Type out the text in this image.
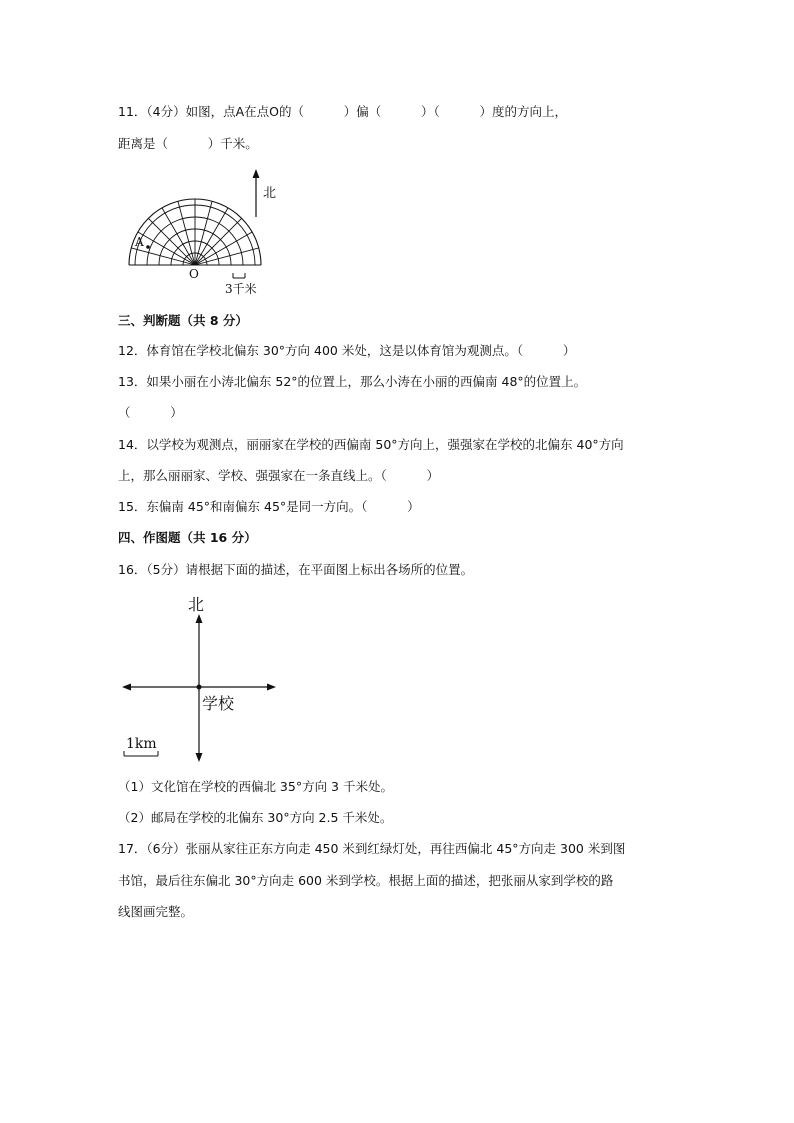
11．（4分）如图，点A在点O的（          ）偏（          ）（          ）度的方向上，
距离是（          ）千米。
北
A
O
3千米
三、判断题（共 8 分）
12．体育馆在学校北偏东 30°方向 400 米处，这是以体育馆为观测点。（          ）
13．如果小丽在小涛北偏东 52°的位置上，那么小涛在小丽的西偏南 48°的位置上。
（          ）
14．以学校为观测点，丽丽家在学校的西偏南 50°方向上，强强家在学校的北偏东 40°方向
上，那么丽丽家、学校、强强家在一条直线上。（          ）
15．东偏南 45°和南偏东 45°是同一方向。（          ）
四、作图题（共 16 分）
16．（5分）请根据下面的描述，在平面图上标出各场所的位置。
北
学校
1km
（1）文化馆在学校的西偏北 35°方向 3 千米处。
（2）邮局在学校的北偏东 30°方向 2.5 千米处。
17．（6分）张丽从家往正东方向走 450 米到红绿灯处，再往西偏北 45°方向走 300 米到图
书馆，最后往东偏北 30°方向走 600 米到学校。根据上面的描述，把张丽从家到学校的路
线图画完整。
